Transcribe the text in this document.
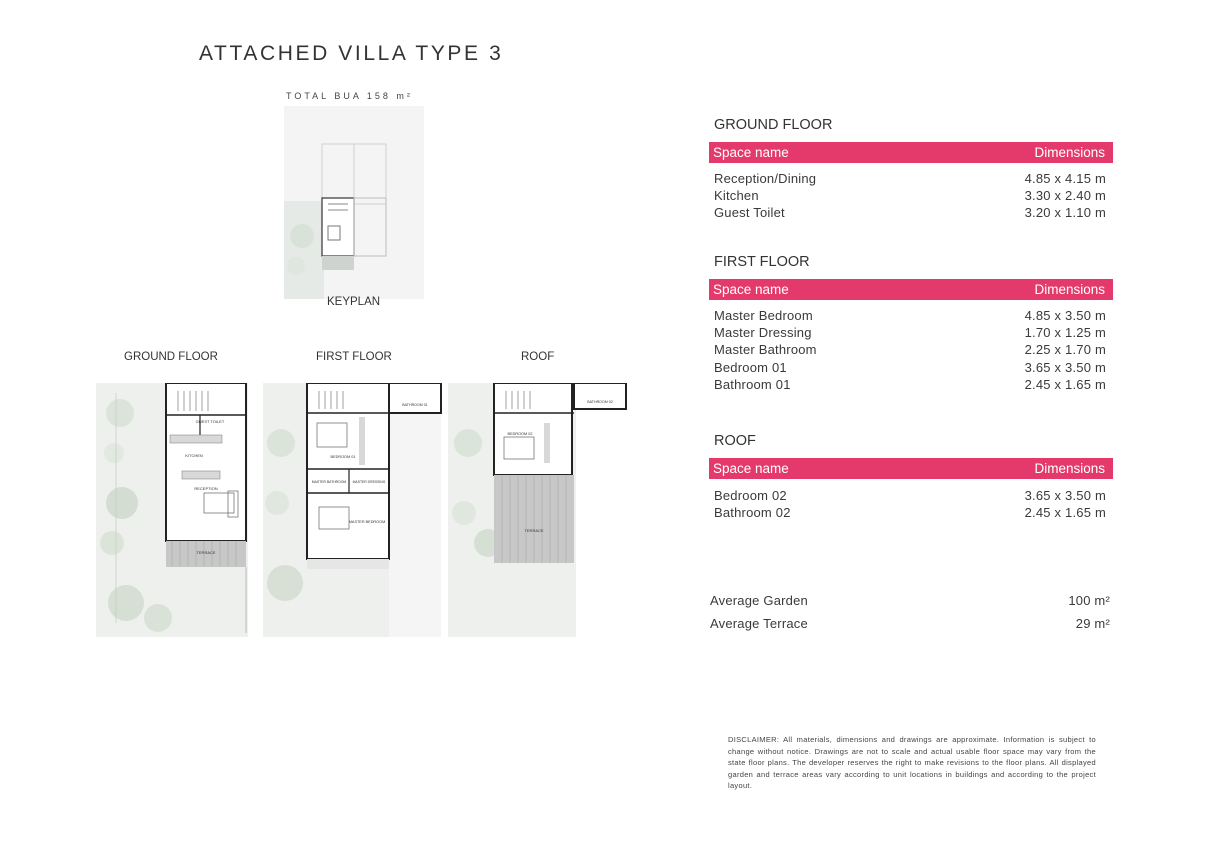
ATTACHED VILLA TYPE 3
TOTAL BUA 158 m²
KEYPLAN
GROUND FLOOR	FIRST FLOOR	ROOF
GUEST TOILET
KITCHEN
RECEPTION
TERRACE
BATHROOM 01
BEDROOM 01
MASTER BATHROOM MASTER DRESSING
MASTER BEDROOM
BATHROOM 02
BEDROOM 02
TERRACE
GROUND FLOOR
Space name	Dimensions
Reception/Dining	4.85 x 4.15 m
Kitchen	3.30 x 2.40 m
Guest Toilet	3.20 x 1.10 m
FIRST FLOOR
Space name	Dimensions
Master Bedroom	4.85 x 3.50 m
Master Dressing	1.70 x 1.25 m
Master Bathroom	2.25 x 1.70 m
Bedroom 01	3.65 x 3.50 m
Bathroom 01	2.45 x 1.65 m
ROOF
Space name	Dimensions
Bedroom 02	3.65 x 3.50 m
Bathroom 02	2.45 x 1.65 m
Average Garden	100 m²
Average Terrace	29 m²
DISCLAIMER: All materials, dimensions and drawings are approximate. Information is subject to change without notice. Drawings are not to scale and actual usable floor space may vary from the state floor plans. The developer reserves the right to make revisions to the floor plans. All displayed garden and terrace areas vary according to unit locations in buildings and according to the project layout.
